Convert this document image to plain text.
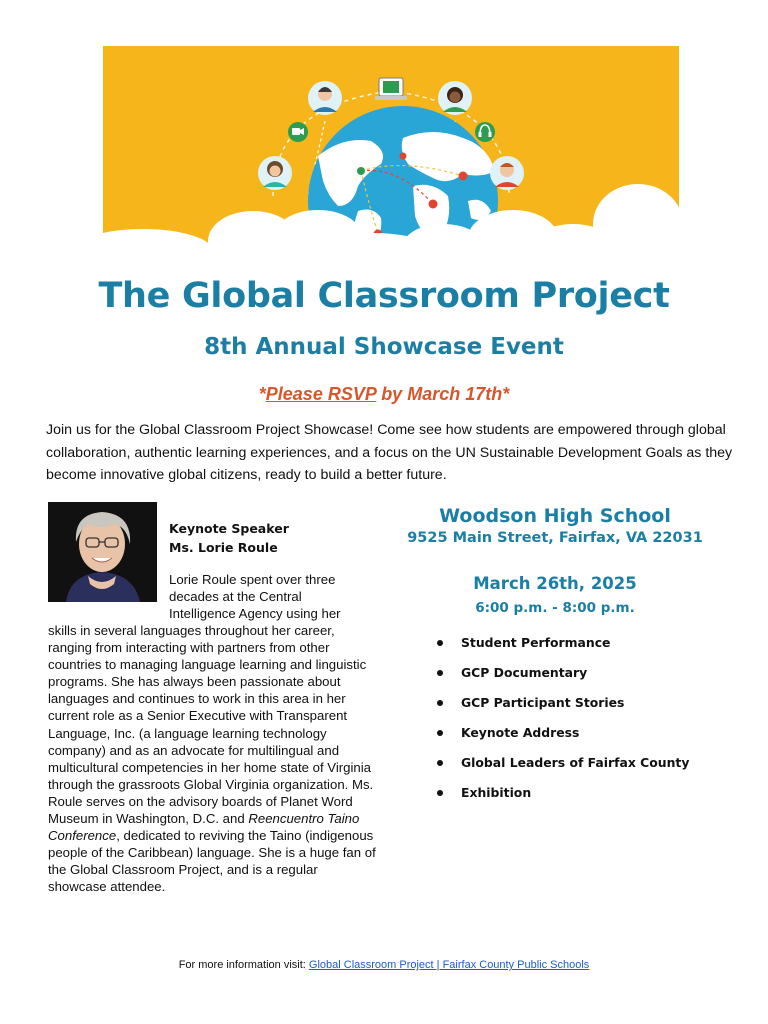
The Global Classroom Project
8th Annual Showcase Event
*Please RSVP by March 17th*

Join us for the Global Classroom Project Showcase! Come see how students are empowered through global collaboration, authentic learning experiences, and a focus on the UN Sustainable Development Goals as they become innovative global citizens, ready to build a better future.

Keynote Speaker
Ms. Lorie Roule

Lorie Roule spent over three decades at the Central Intelligence Agency using her

skills in several languages throughout her career, ranging from interacting with partners from other countries to managing language learning and linguistic programs. She has always been passionate about languages and continues to work in this area in her current role as a Senior Executive with Transparent Language, Inc. (a language learning technology company) and as an advocate for multilingual and multicultural competencies in her home state of Virginia through the grassroots Global Virginia organization. Ms. Roule serves on the advisory boards of Planet Word Museum in Washington, D.C. and Reencuentro Taino Conference, dedicated to reviving the Taino (indigenous people of the Caribbean) language. She is a huge fan of the Global Classroom Project, and is a regular showcase attendee.

Woodson High School
9525 Main Street, Fairfax, VA 22031
March 26th, 2025
6:00 p.m. - 8:00 p.m.
Student Performance
GCP Documentary
GCP Participant Stories
Keynote Address
Global Leaders of Fairfax County
Exhibition
For more information visit: Global Classroom Project | Fairfax County Public Schools
